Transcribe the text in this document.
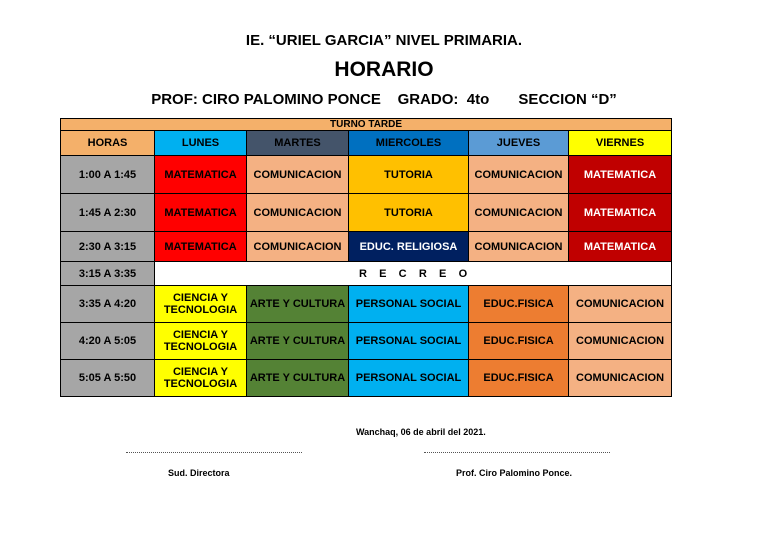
IE. “URIEL GARCIA” NIVEL PRIMARIA.
HORARIO
PROF: CIRO PALOMINO PONCE    GRADO:  4to       SECCION “D”
TURNO TARDE					
HORAS	LUNES	MARTES	MIERCOLES	JUEVES	VIERNES
1:00 A 1:45	MATEMATICA	COMUNICACION	TUTORIA	COMUNICACION	MATEMATICA
1:45 A 2:30	MATEMATICA	COMUNICACION	TUTORIA	COMUNICACION	MATEMATICA
2:30 A 3:15	MATEMATICA	COMUNICACION	EDUC. RELIGIOSA	COMUNICACION	MATEMATICA
3:15 A 3:35	R    E    C    R    E    O				
3:35 A 4:20	CIENCIA Y TECNOLOGIA	ARTE Y CULTURA	PERSONAL SOCIAL	EDUC.FISICA	COMUNICACION
4:20 A 5:05	CIENCIA Y TECNOLOGIA	ARTE Y CULTURA	PERSONAL SOCIAL	EDUC.FISICA	COMUNICACION
5:05 A 5:50	CIENCIA Y TECNOLOGIA	ARTE Y CULTURA	PERSONAL SOCIAL	EDUC.FISICA	COMUNICACION
Wanchaq, 06 de abril del 2021.
Sud. Directora	Prof. Ciro Palomino Ponce.
